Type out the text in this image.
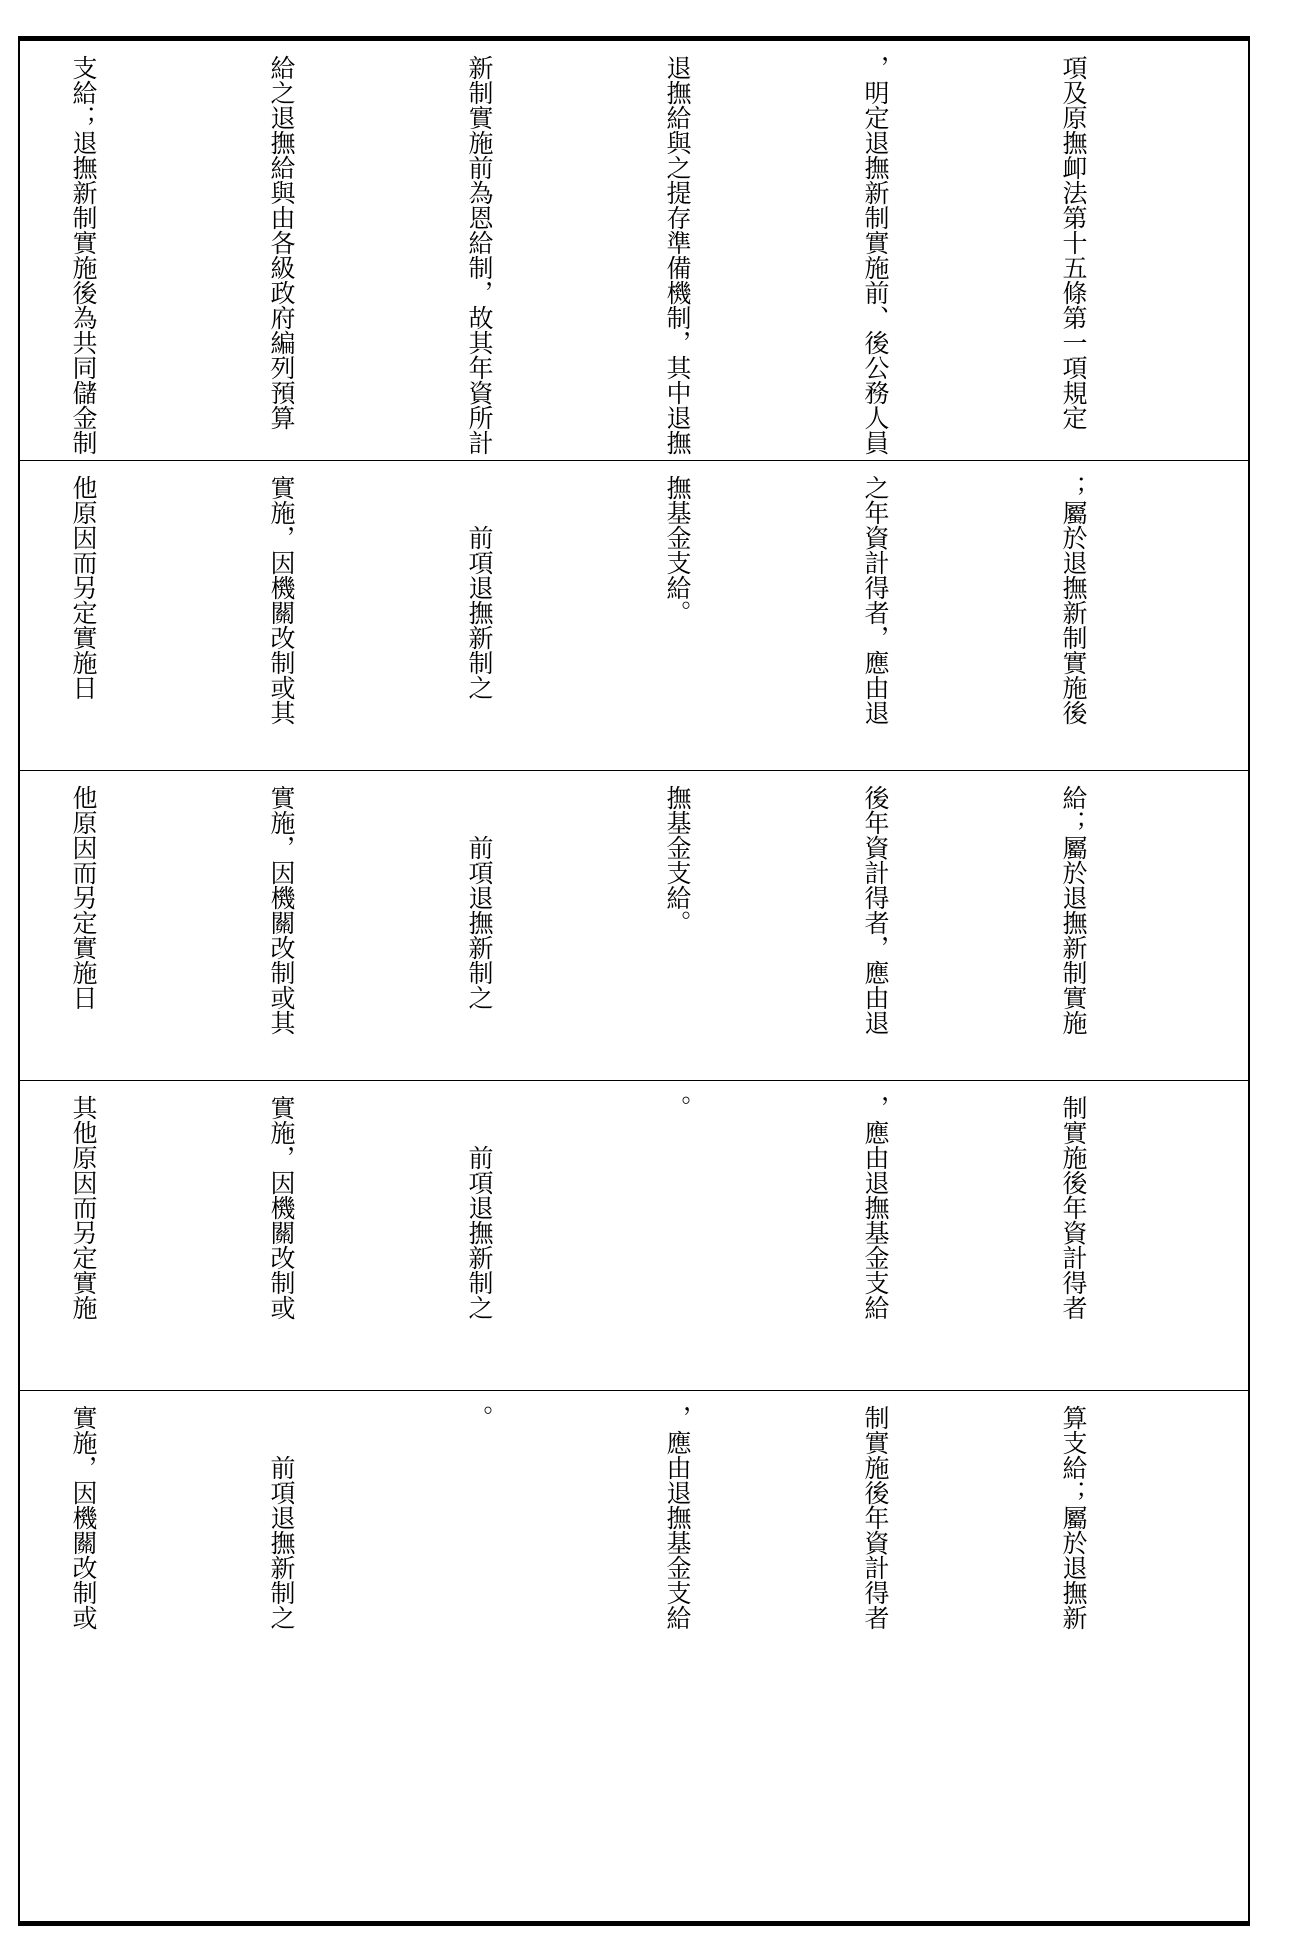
項及原撫卹法第十五條第一項規定

，明定退撫新制實施前、後公務人員

退撫給與之提存準備機制，其中退撫

新制實施前為恩給制，故其年資所計

給之退撫給與由各級政府編列預算

支給；退撫新制實施後為共同儲金制

；屬於退撫新制實施後

之年資計得者，應由退

撫基金支給。

　　前項退撫新制之

實施，因機關改制或其

他原因而另定實施日

給；屬於退撫新制實施

後年資計得者，應由退

撫基金支給。

　　前項退撫新制之

實施，因機關改制或其

他原因而另定實施日

制實施後年資計得者

，應由退撫基金支給

。

　　前項退撫新制之

實施，因機關改制或

其他原因而另定實施

算支給；屬於退撫新

制實施後年資計得者

，應由退撫基金支給

。

　　前項退撫新制之

實施，因機關改制或
